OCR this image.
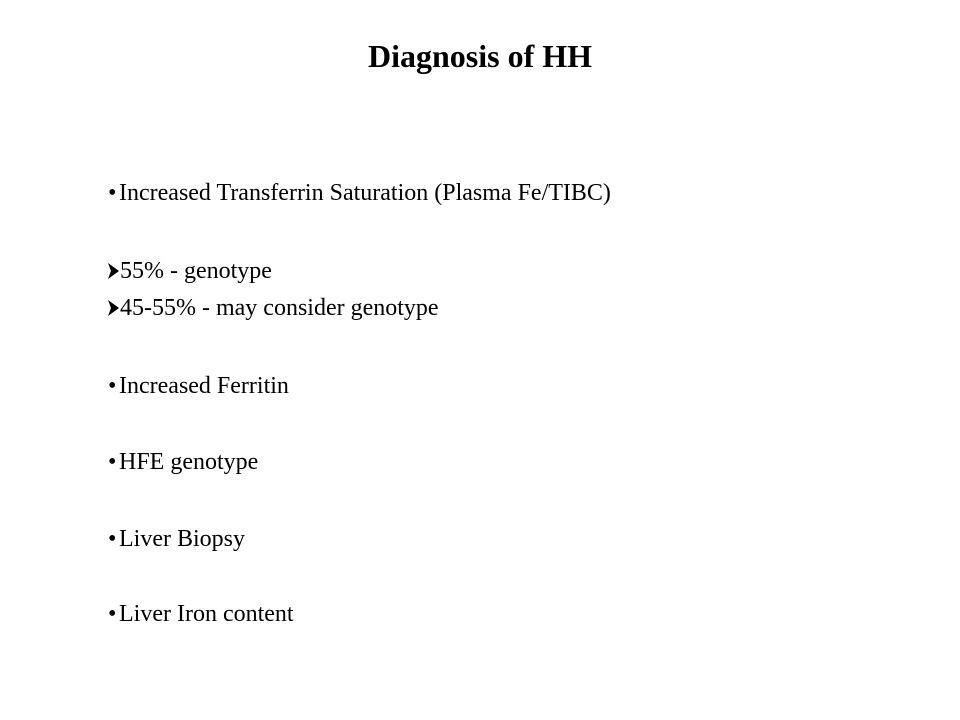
Diagnosis of HH
• Increased Transferrin Saturation (Plasma Fe/TIBC)
55% - genotype
45-55% - may consider genotype
• Increased Ferritin
• HFE genotype
• Liver Biopsy
• Liver Iron content
